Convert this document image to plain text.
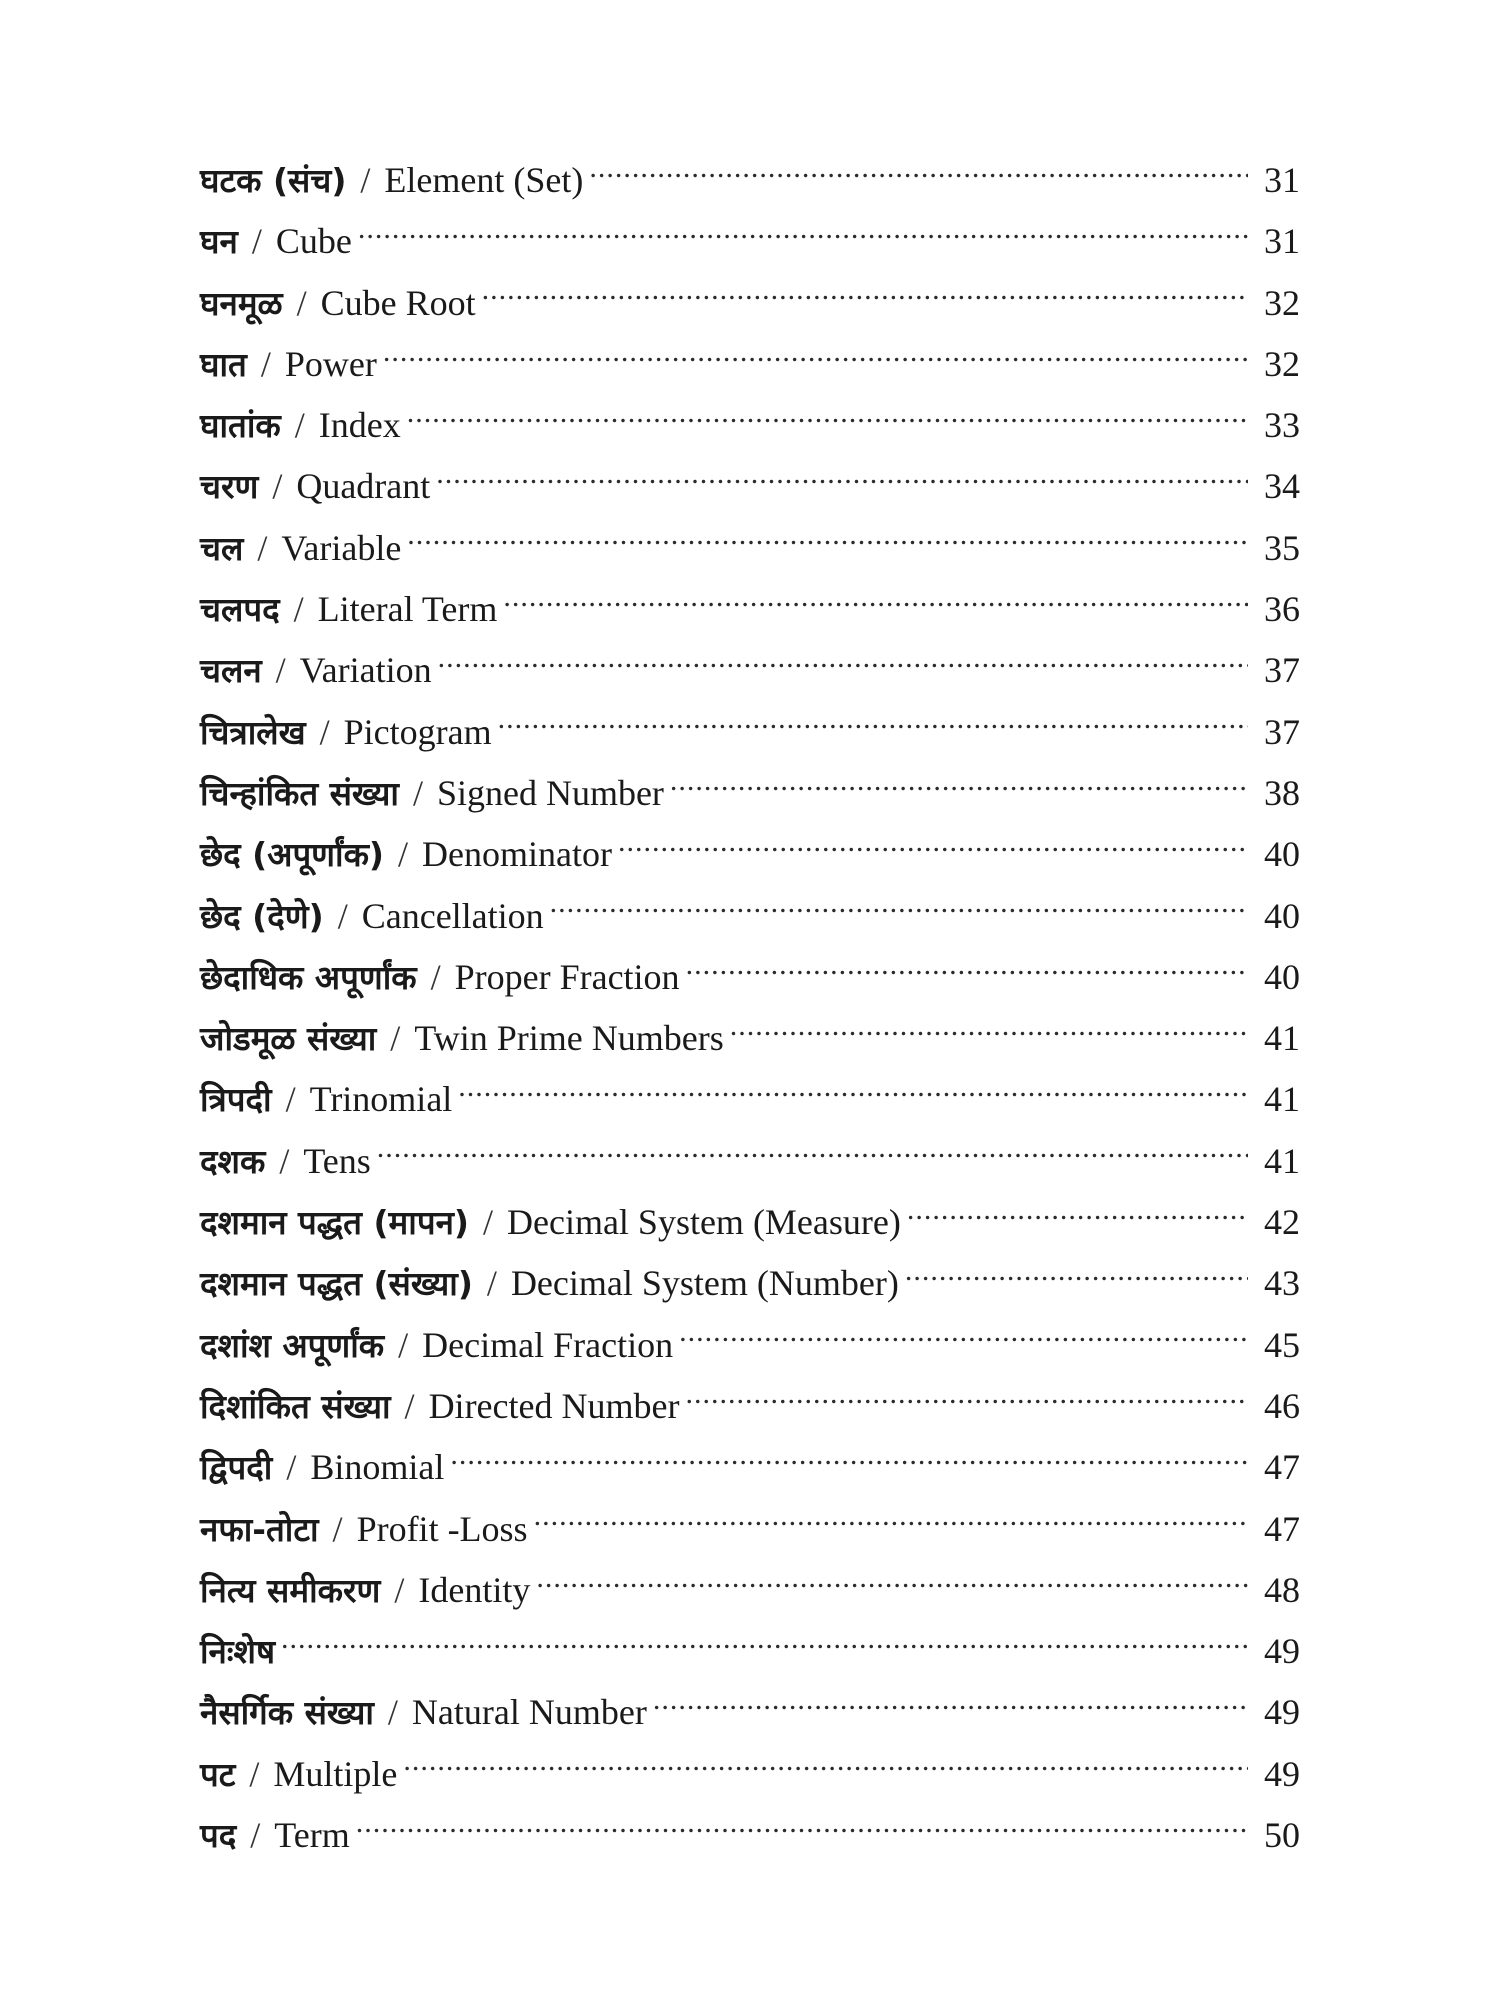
घटक (संच) / Element (Set) .....	31
घन / Cube .....	31
घनमूळ / Cube Root .....	32
घात / Power .....	32
घातांक / Index .....	33
चरण / Quadrant .....	34
चल / Variable .....	35
चलपद / Literal Term .....	36
चलन / Variation .....	37
चित्रालेख / Pictogram .....	37
चिन्हांकित संख्या / Signed Number .....	38
छेद (अपूर्णांक) / Denominator .....	40
छेद (देणे) / Cancellation .....	40
छेदाधिक अपूर्णांक / Proper Fraction .....	40
जोडमूळ संख्या / Twin Prime Numbers .....	41
त्रिपदी / Trinomial .....	41
दशक / Tens .....	41
दशमान पद्धत (मापन) / Decimal System (Measure) .....	42
दशमान पद्धत (संख्या) / Decimal System (Number) .....	43
दशांश अपूर्णांक / Decimal Fraction .....	45
दिशांकित संख्या / Directed Number .....	46
द्विपदी / Binomial .....	47
नफा-तोटा / Profit -Loss .....	47
नित्य समीकरण / Identity .....	48
निःशेष .....	49
नैसर्गिक संख्या / Natural Number .....	49
पट / Multiple .....	49
पद / Term .....	50
